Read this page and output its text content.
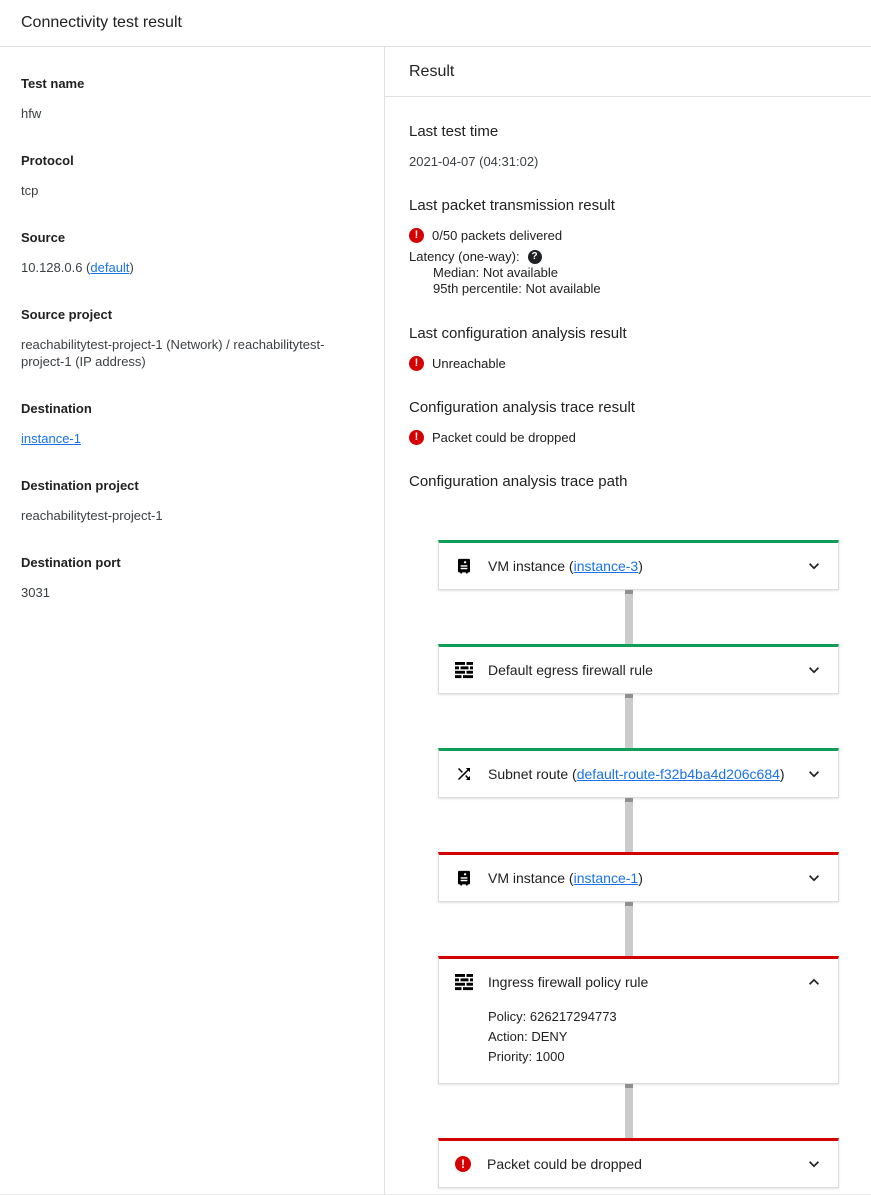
Connectivity test result
Test name
hfw
Protocol
tcp
Source
10.128.0.6 (default)
Source project
reachabilitytest-project-1 (Network) / reachabilitytest-project-1 (IP address)
Destination
instance-1
Destination project
reachabilitytest-project-1
Destination port
3031
Result
Last test time
2021-04-07 (04:31:02)
Last packet transmission result
!	0/50 packets delivered
Latency (one-way):	?
Median: Not available
95th percentile: Not available
Last configuration analysis result
!	Unreachable
Configuration analysis trace result
!	Packet could be dropped
Configuration analysis trace path
VM instance (instance-3)
Default egress firewall rule
Subnet route (default-route-f32b4ba4d206c684)
VM instance (instance-1)
Ingress firewall policy rule
Policy: 626217294773
Action: DENY
Priority: 1000
!	Packet could be dropped
